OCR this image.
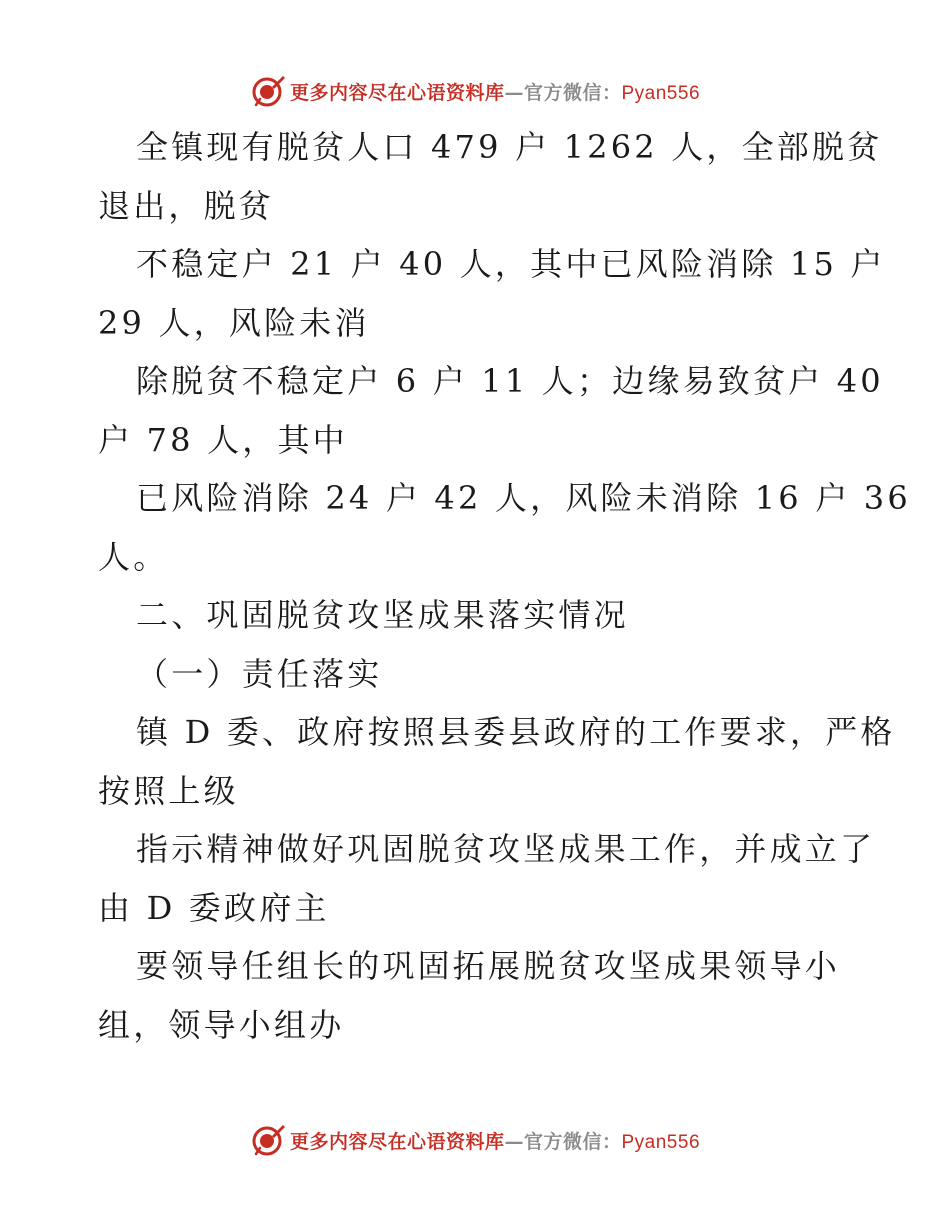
更多内容尽在心语资料库—官方微信：Pyan556
全镇现有脱贫人口 479 户 1262 人，全部脱贫
退出，脱贫
不稳定户 21 户 40 人，其中已风险消除 15 户
29 人，风险未消
除脱贫不稳定户 6 户 11 人；边缘易致贫户 40
户 78 人，其中
已风险消除 24 户 42 人，风险未消除 16 户 36
人。
二、巩固脱贫攻坚成果落实情况
（一）责任落实
镇 D 委、政府按照县委县政府的工作要求，严格
按照上级
指示精神做好巩固脱贫攻坚成果工作，并成立了
由 D 委政府主
要领导任组长的巩固拓展脱贫攻坚成果领导小
组，领导小组办
更多内容尽在心语资料库—官方微信：Pyan556
